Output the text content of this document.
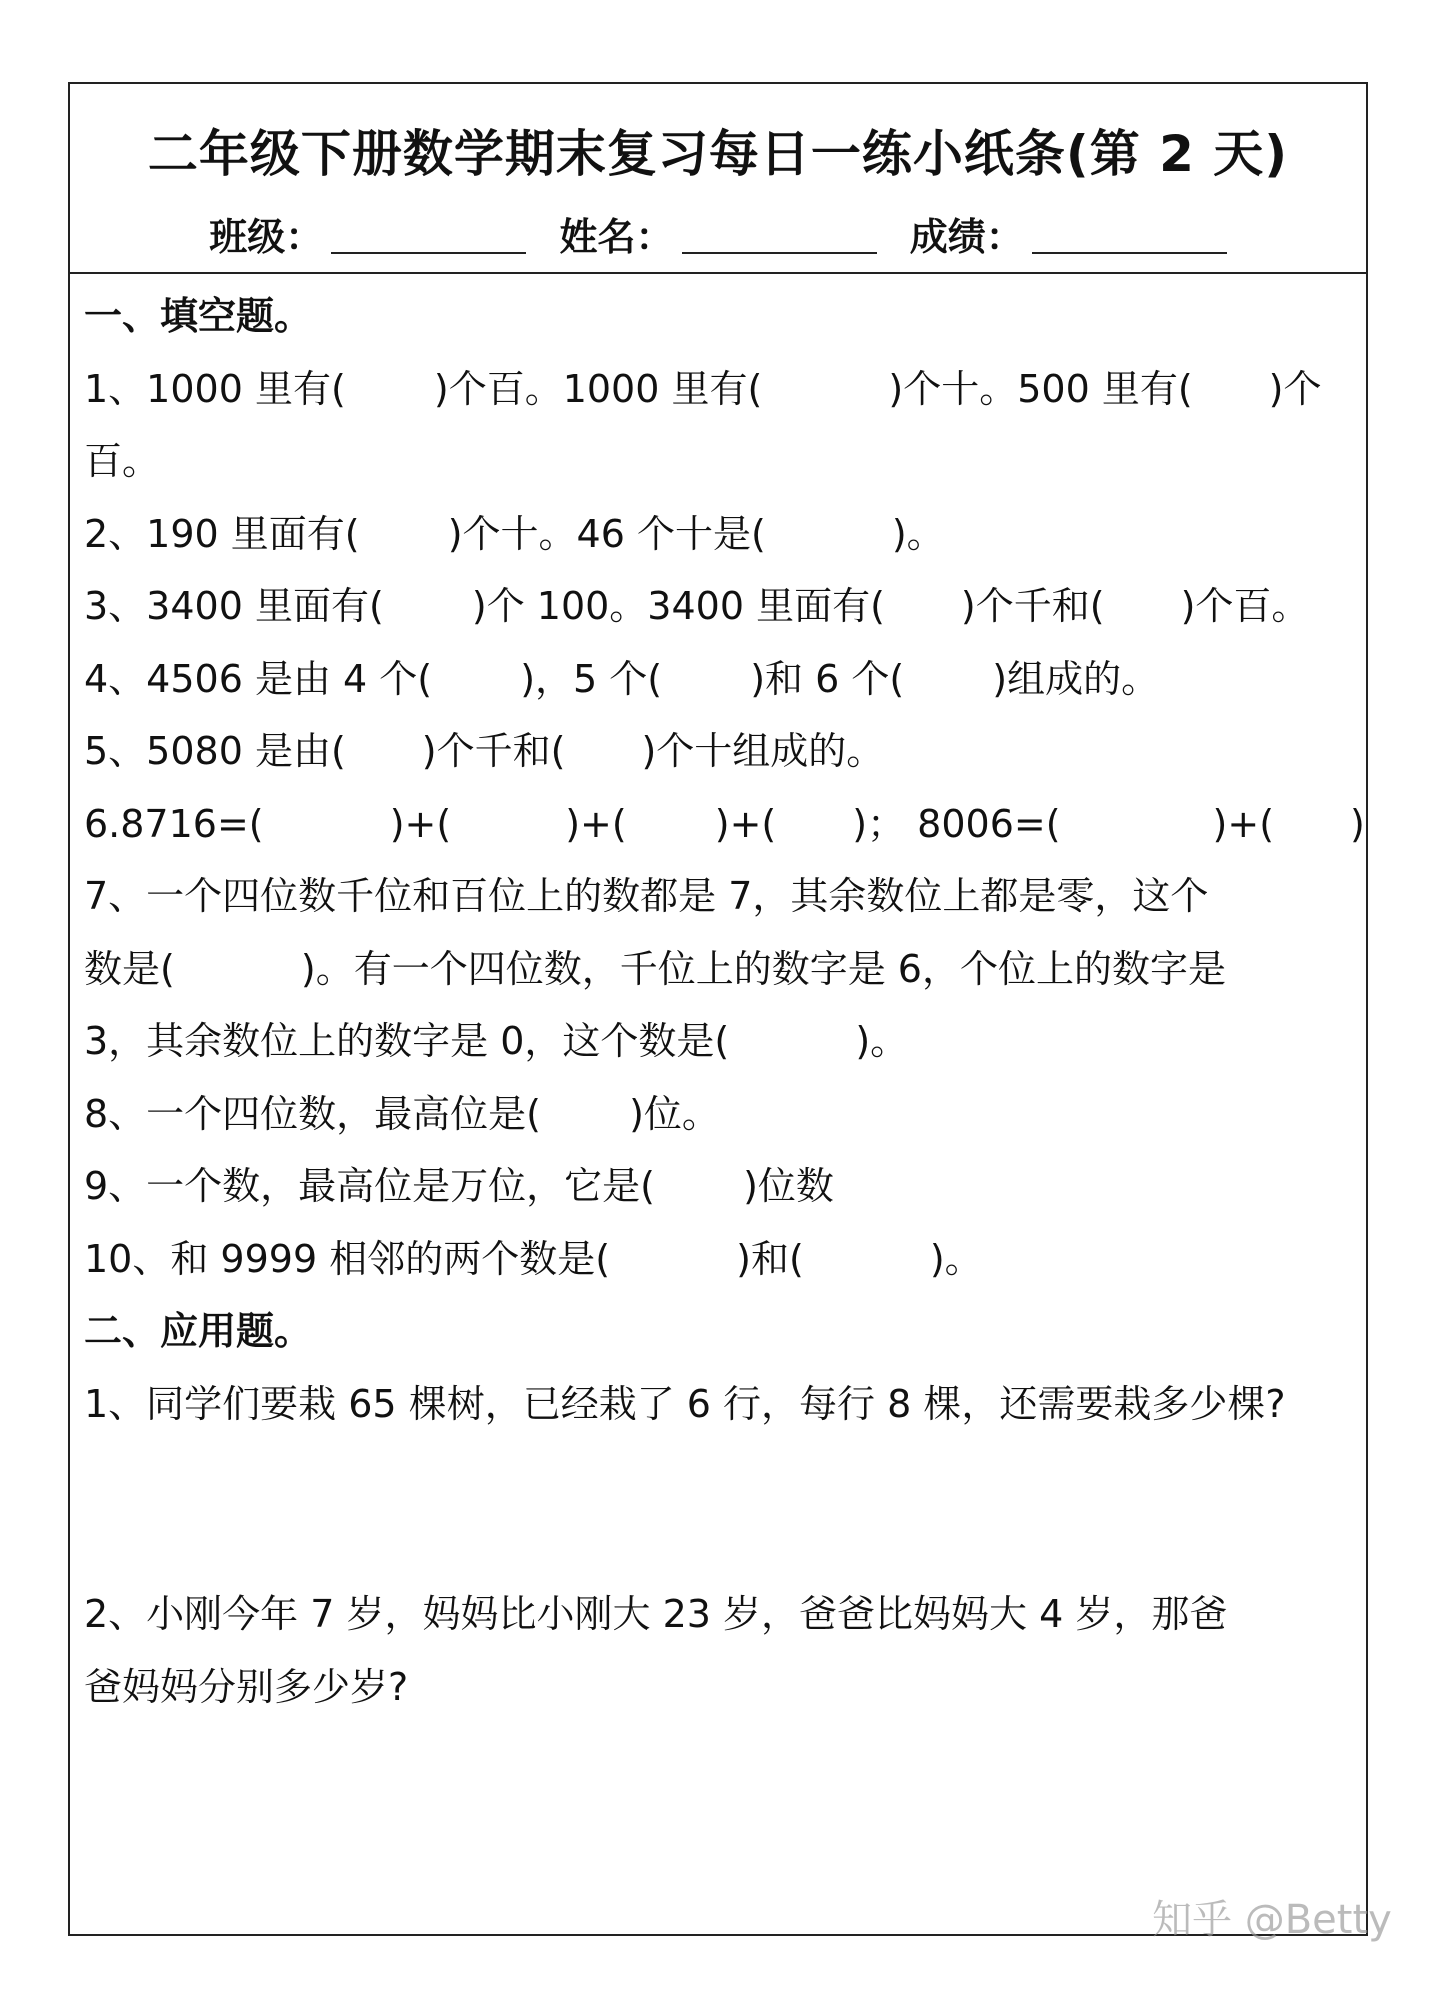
二年级下册数学期末复习每日一练小纸条(第 2 天)
班级：	姓名：	成绩：
一、填空题。
1、1000 里有(　　 )个百。1000 里有(　　　 )个十。500 里有(　　)个
百。
2、190 里面有(　　 )个十。46 个十是(　　　 )。
3、3400 里面有(　　 )个 100。3400 里面有(　　)个千和(　　)个百。
4、4506 是由 4 个(　　 )，5 个(　　 )和 6 个(　　 )组成的。
5、5080 是由(　　)个千和(　　)个十组成的。
6.8716=(　　　 )+(　　　)+(　　 )+(　　)； 8006=(　　　　)+(　　)
7、一个四位数千位和百位上的数都是 7，其余数位上都是零，这个
数是(　　　 )。有一个四位数，千位上的数字是 6，个位上的数字是
3，其余数位上的数字是 0，这个数是(　　　 )。
8、一个四位数，最高位是(　　 )位。
9、一个数，最高位是万位，它是(　　 )位数
10、和 9999 相邻的两个数是(　　　 )和(　　　 )。
二、应用题。
1、同学们要栽 65 棵树，已经栽了 6 行，每行 8 棵，还需要栽多少棵?
2、小刚今年 7 岁，妈妈比小刚大 23 岁，爸爸比妈妈大 4 岁，那爸
爸妈妈分别多少岁?
知乎 @Betty
